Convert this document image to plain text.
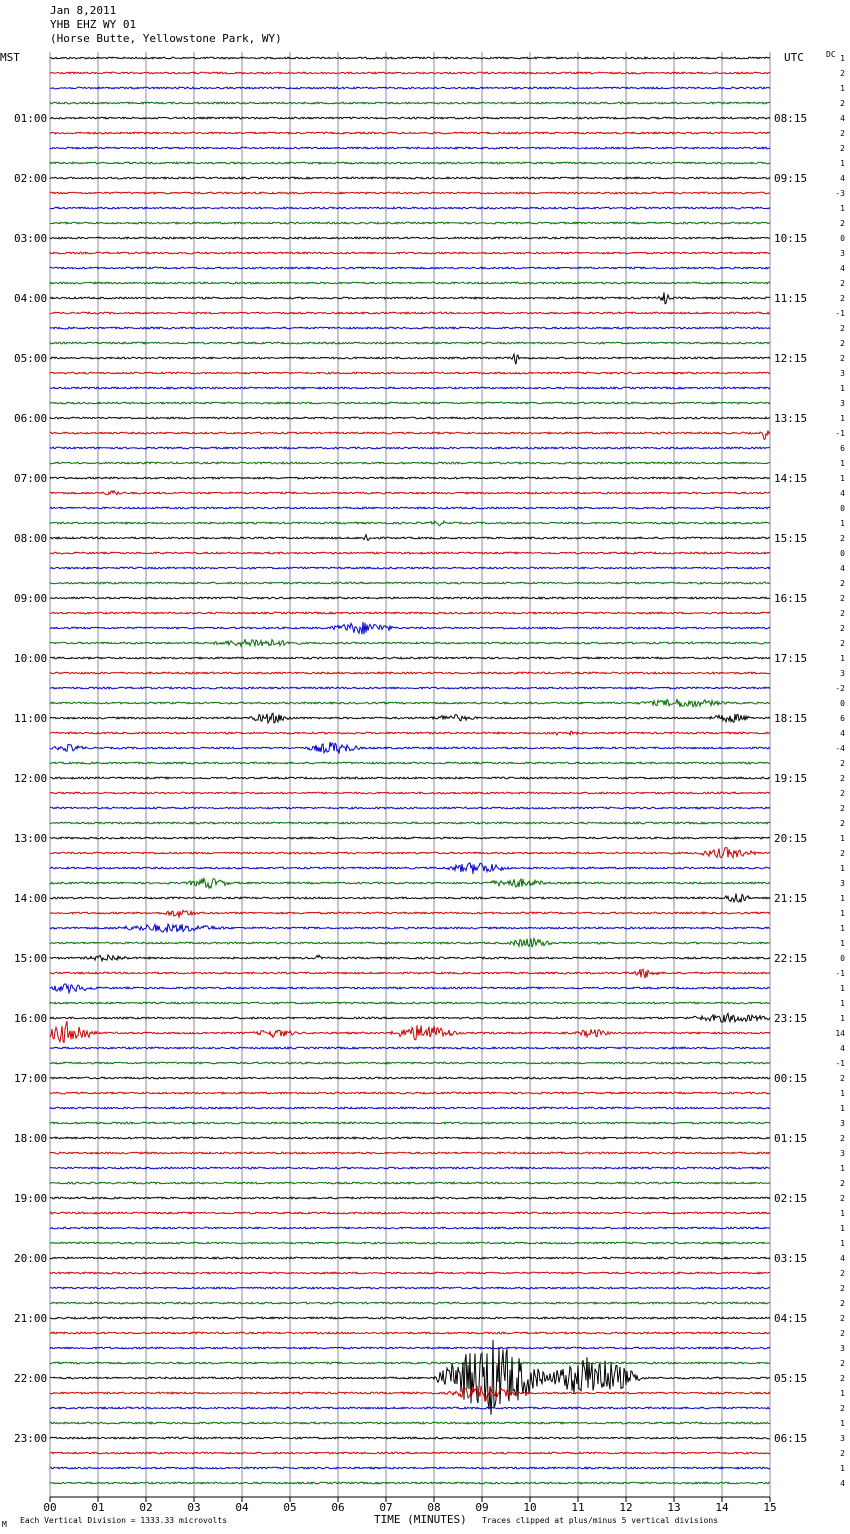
Jan 8,2011
YHB EHZ WY 01
(Horse Butte, Yellowstone Park, WY)
MST	UTC	DC
01:00
02:00
03:00
04:00
05:00
06:00
07:00
08:00
09:00
10:00
11:00
12:00
13:00
14:00
15:00
16:00
17:00
18:00
19:00
20:00
21:00
22:00
23:00
08:15
09:15
10:15
11:15
12:15
13:15
14:15
15:15
16:15
17:15
18:15
19:15
20:15
21:15
22:15
23:15
00:15
01:15
02:15
03:15
04:15
05:15
06:15
1
2
1
2
4
2
2
1
4
-3
1
2
0
3
4
2
2
-1
2
2
2
3
1
3
1
-1
6
1
1
4
0
1
2
0
4
2
2
2
2
2
1
3
-2
0
6
4
-4
2
2
2
2
2
1
2
1
3
1
1
1
1
0
-1
1
1
1
14
4
-1
2
1
1
3
2
3
1
2
2
1
1
1
4
2
2
2
2
2
3
2
2
1
2
1
3
2
1
4
00	01	02	03	04	05	06	07	08	09	10	11	12	13	14	15
M Each Vertical Division = 1333.33 microvolts	TIME (MINUTES) Traces clipped at plus/minus 5 vertical divisions
